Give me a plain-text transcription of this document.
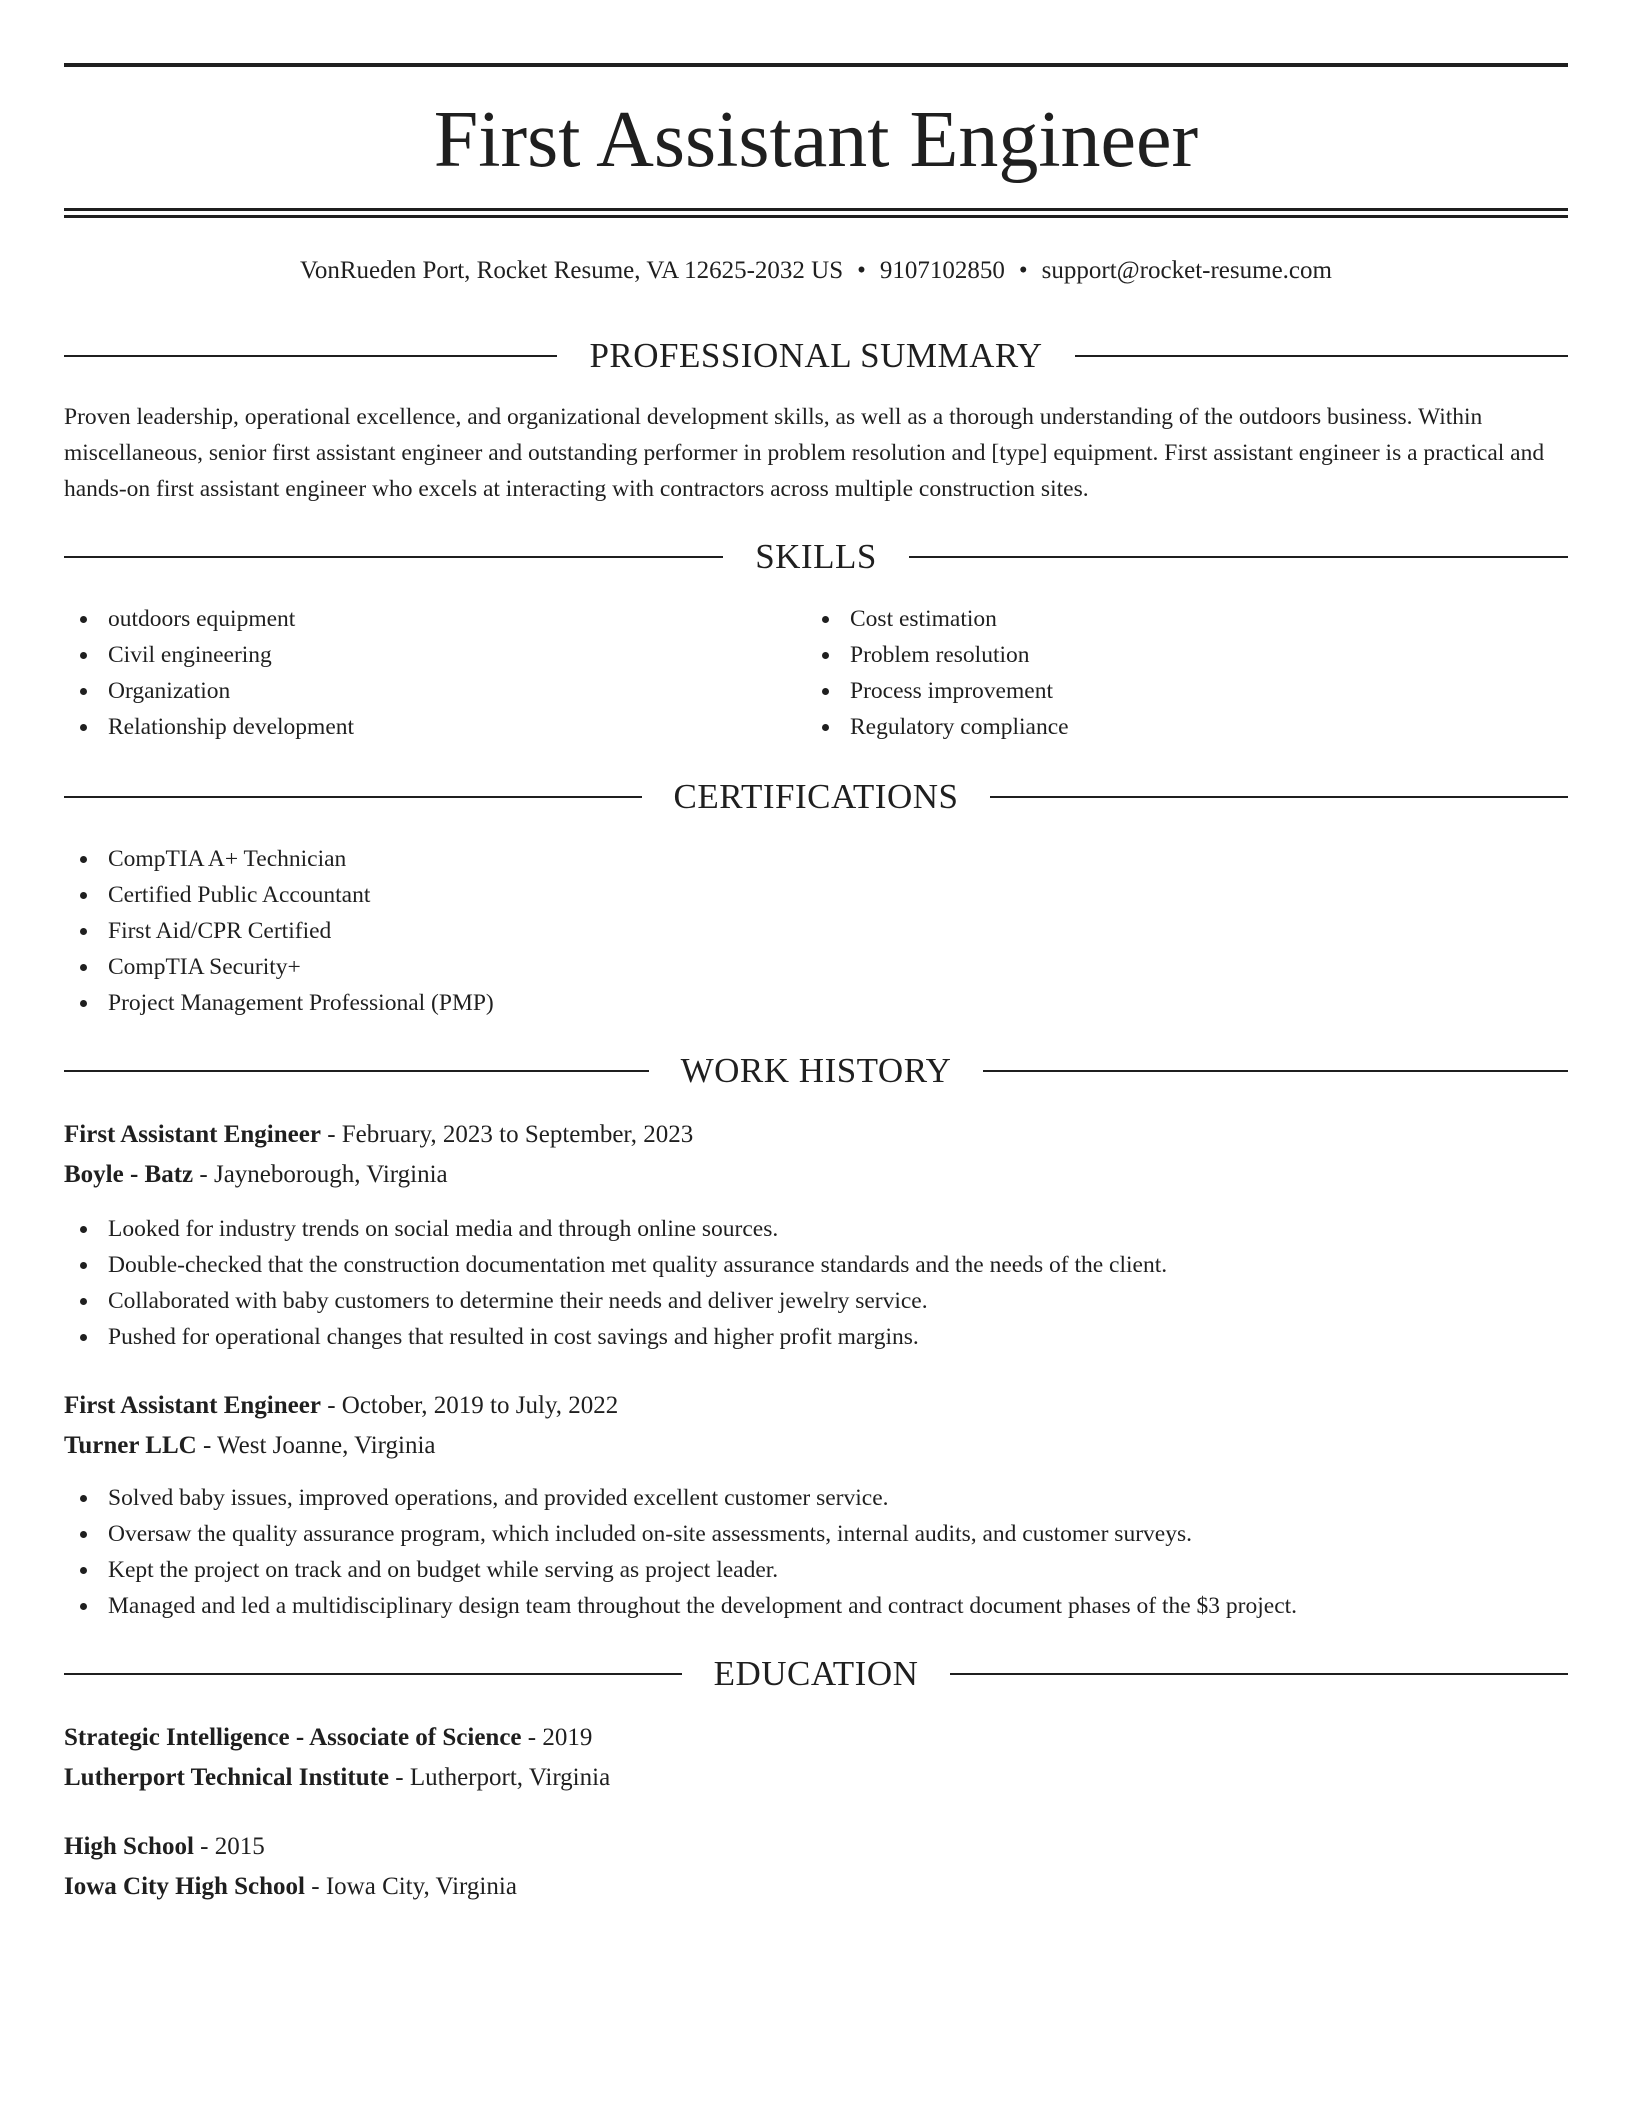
First Assistant Engineer
VonRueden Port, Rocket Resume, VA 12625-2032 US • 9107102850 • support@rocket-resume.com
PROFESSIONAL SUMMARY

Proven leadership, operational excellence, and organizational development skills, as well as a thorough understanding of the outdoors business. Within miscellaneous, senior first assistant engineer and outstanding performer in problem resolution and [type] equipment. First assistant engineer is a practical and hands-on first assistant engineer who excels at interacting with contractors across multiple construction sites.

SKILLS
outdoors equipment
Civil engineering
Organization
Relationship development
Cost estimation
Problem resolution
Process improvement
Regulatory compliance
CERTIFICATIONS
CompTIA A+ Technician
Certified Public Accountant
First Aid/CPR Certified
CompTIA Security+
Project Management Professional (PMP)
WORK HISTORY
First Assistant Engineer - February, 2023 to September, 2023
Boyle - Batz - Jayneborough, Virginia
Looked for industry trends on social media and through online sources.
Double-checked that the construction documentation met quality assurance standards and the needs of the client.
Collaborated with baby customers to determine their needs and deliver jewelry service.
Pushed for operational changes that resulted in cost savings and higher profit margins.
First Assistant Engineer - October, 2019 to July, 2022
Turner LLC - West Joanne, Virginia
Solved baby issues, improved operations, and provided excellent customer service.
Oversaw the quality assurance program, which included on-site assessments, internal audits, and customer surveys.
Kept the project on track and on budget while serving as project leader.
Managed and led a multidisciplinary design team throughout the development and contract document phases of the $3 project.
EDUCATION
Strategic Intelligence - Associate of Science - 2019
Lutherport Technical Institute - Lutherport, Virginia
High School - 2015
Iowa City High School - Iowa City, Virginia
